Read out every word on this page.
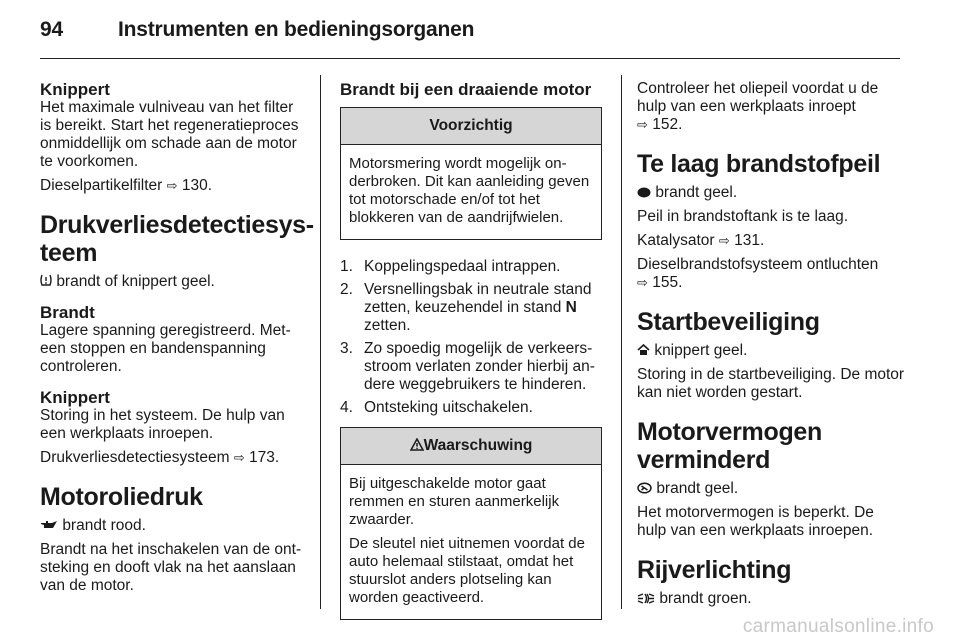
94	Instrumenten en bedieningsorganen
Knippert

Het maximale vulniveau van het filter is bereikt. Start het regeneratieproces onmiddellijk om schade aan de motor te voorkomen.

Dieselpartikelfilter ⇨ 130.

Drukverliesdetectiesysteem

brandt of knippert geel.

Brandt

Lagere spanning geregistreerd. Meteen stoppen en bandenspanning controleren.

Knippert

Storing in het systeem. De hulp van een werkplaats inroepen.

Drukverliesdetectiesysteem ⇨ 173.

Motoroliedruk

brandt rood.

Brandt na het inschakelen van de ontsteking en dooft vlak na het aanslaan van de motor.

Brandt bij een draaiende motor
Voorzichtig

Motorsmering wordt mogelijk onderbroken. Dit kan aanleiding geven tot motorschade en/of tot het blokkeren van de aandrijfwielen.

1. Koppelingspedaal intrappen.
2. Versnellingsbak in neutrale stand zetten, keuzehendel in stand N zetten.
3. Zo spoedig mogelijk de verkeersstroom verlaten zonder hierbij andere weggebruikers te hinderen.
4. Ontsteking uitschakelen.
Waarschuwing

Bij uitgeschakelde motor gaat remmen en sturen aanmerkelijk zwaarder.

De sleutel niet uitnemen voordat de auto helemaal stilstaat, omdat het stuurslot anders plotseling kan worden geactiveerd.

Controleer het oliepeil voordat u de hulp van een werkplaats inroept
⇨ 152.

Te laag brandstofpeil

brandt geel.

Peil in brandstoftank is te laag.

Katalysator ⇨ 131.

Dieselbrandstofsysteem ontluchten
⇨ 155.

Startbeveiliging

knippert geel.

Storing in de startbeveiliging. De motor kan niet worden gestart.

Motorvermogen verminderd

brandt geel.

Het motorvermogen is beperkt. De hulp van een werkplaats inroepen.

Rijverlichting

brandt groen.

carmanualsonline.info
